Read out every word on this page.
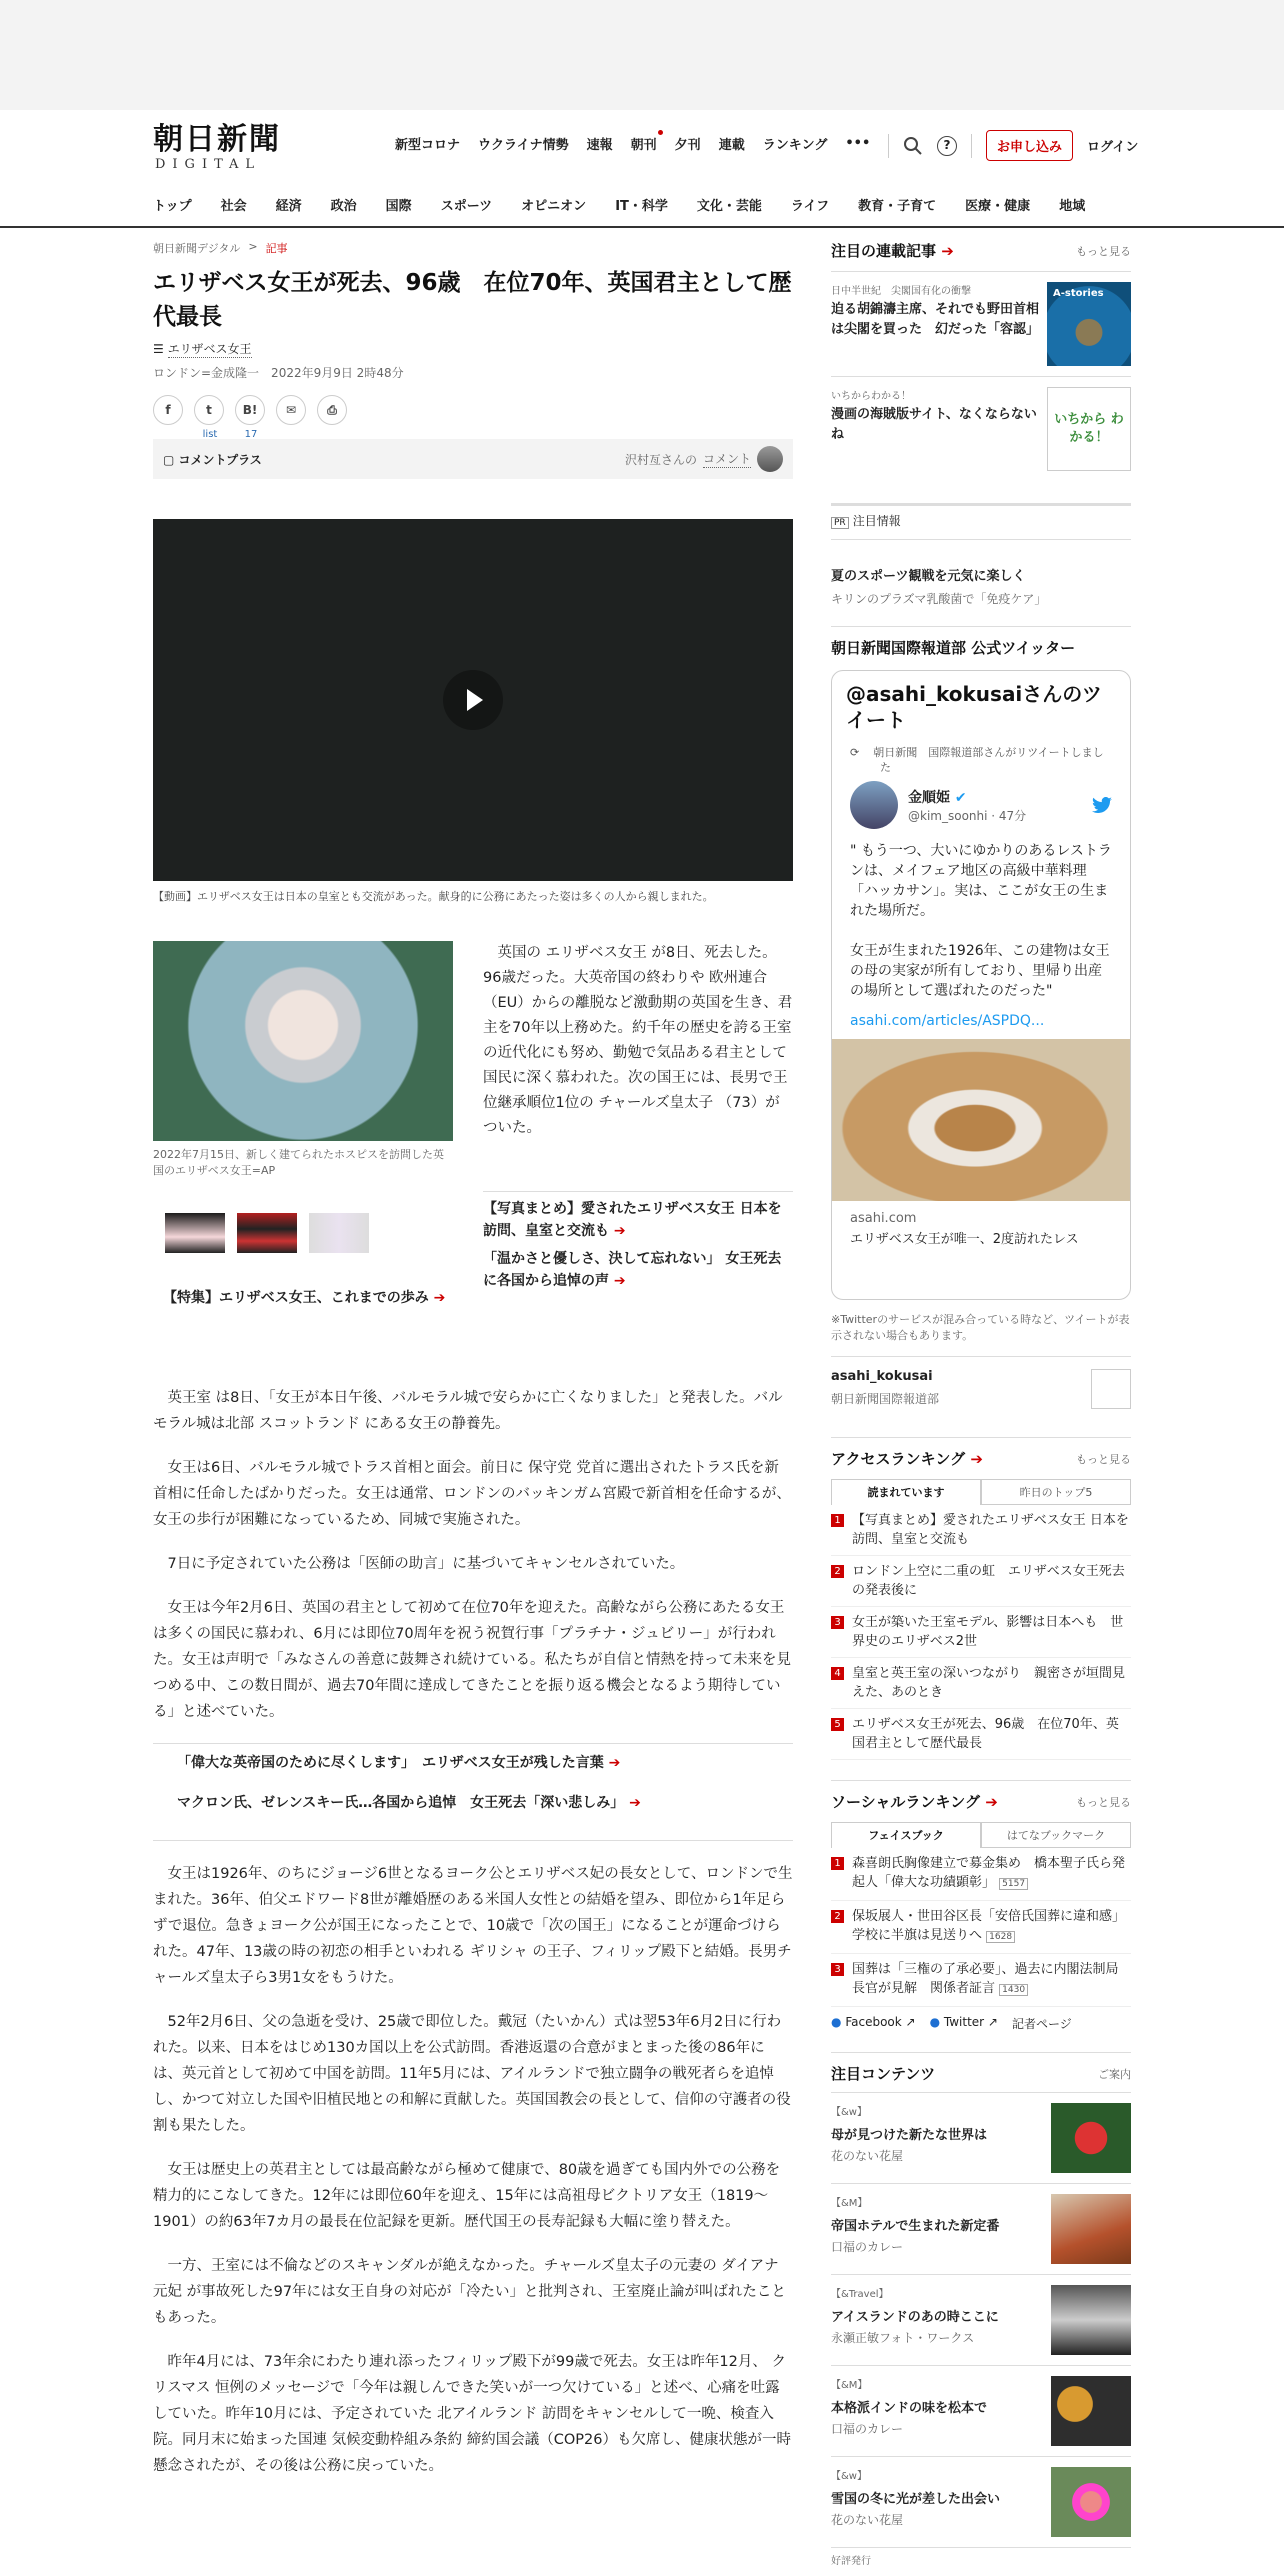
朝日新聞
DIGITAL
新型コロナ ウクライナ情勢 速報 朝刊 夕刊 連載 ランキング •••	?	お申し込み	ログイン
トップ 社会 経済 政治 国際 スポーツ オピニオン IT・科学 文化・芸能 ライフ 教育・子育て 医療・健康 地域
朝日新聞デジタル > 記事
エリザベス女王が死去、96歳　在位70年、英国君主として歴代最長
☰ エリザベス女王
ロンドン=金成隆一　2022年9月9日 2時48分
f	t
list
B!
17
✉	⎙
▢ コメントプラス	沢村亙さんの コメント
【動画】エリザベス女王は日本の皇室とも交流があった。献身的に公務にあたった姿は多くの人から親しまれた。
2022年7月15日、新しく建てられたホスピスを訪問した英国のエリザベス女王=AP
英国の エリザベス女王 が8日、死去した。96歳だった。大英帝国の終わりや 欧州連合 （EU）からの離脱など激動期の英国を生き、君主を70年以上務めた。約千年の歴史を誇る王室の近代化にも努め、勤勉で気品ある君主として国民に深く慕われた。次の国王には、長男で王位継承順位1位の チャールズ皇太子 （73）がついた。

【写真まとめ】愛されたエリザベス女王 日本を訪問、皇室と交流も ➔

「温かさと優しさ、決して忘れない」 女王死去に各国から追悼の声 ➔

【特集】エリザベス女王、これまでの歩み ➔

英王室 は8日、「女王が本日午後、バルモラル城で安らかに亡くなりました」と発表した。バルモラル城は北部 スコットランド にある女王の静養先。

女王は6日、バルモラル城でトラス首相と面会。前日に 保守党 党首に選出されたトラス氏を新首相に任命したばかりだった。女王は通常、ロンドンのバッキンガム宮殿で新首相を任命するが、女王の歩行が困難になっているため、同城で実施された。

7日に予定されていた公務は「医師の助言」に基づいてキャンセルされていた。

女王は今年2月6日、英国の君主として初めて在位70年を迎えた。高齢ながら公務にあたる女王は多くの国民に慕われ、6月には即位70周年を祝う祝賀行事「プラチナ・ジュビリー」が行われた。女王は声明で「みなさんの善意に鼓舞され続けている。私たちが自信と情熱を持って未来を見つめる中、この数日間が、過去70年間に達成してきたことを振り返る機会となるよう期待している」と述べていた。

「偉大な英帝国のために尽くします」　エリザベス女王が残した言葉 ➔

マクロン氏、ゼレンスキー氏…各国から追悼　女王死去「深い悲しみ」 ➔

女王は1926年、のちにジョージ6世となるヨーク公とエリザベス妃の長女として、ロンドンで生まれた。36年、伯父エドワード8世が離婚歴のある米国人女性との結婚を望み、即位から1年足らずで退位。急きょヨーク公が国王になったことで、10歳で「次の国王」になることが運命づけられた。47年、13歳の時の初恋の相手といわれる ギリシャ の王子、フィリップ殿下と結婚。長男チャールズ皇太子ら3男1女をもうけた。

52年2月6日、父の急逝を受け、25歳で即位した。戴冠（たいかん）式は翌53年6月2日に行われた。以来、日本をはじめ130カ国以上を公式訪問。香港返還の合意がまとまった後の86年には、英元首として初めて中国を訪問。11年5月には、アイルランドで独立闘争の戦死者らを追悼し、かつて対立した国や旧植民地との和解に貢献した。英国国教会の長として、信仰の守護者の役割も果たした。

女王は歴史上の英君主としては最高齢ながら極めて健康で、80歳を過ぎても国内外での公務を精力的にこなしてきた。12年には即位60年を迎え、15年には高祖母ビクトリア女王（1819～1901）の約63年7カ月の最長在位記録を更新。歴代国王の長寿記録も大幅に塗り替えた。

一方、王室には不倫などのスキャンダルが絶えなかった。チャールズ皇太子の元妻の ダイアナ元妃 が事故死した97年には女王自身の対応が「冷たい」と批判され、王室廃止論が叫ばれたこともあった。

昨年4月には、73年余にわたり連れ添ったフィリップ殿下が99歳で死去。女王は昨年12月、 クリスマス 恒例のメッセージで「今年は親しんできた笑いが一つ欠けている」と述べ、心痛を吐露していた。昨年10月には、予定されていた 北アイルランド 訪問をキャンセルして一晩、検査入院。同月末に始まった国連 気候変動枠組み条約 締約国会議（COP26）も欠席し、健康状態が一時懸念されたが、その後は公務に戻っていた。

注目の連載記事 ➔	もっと見る
日中半世紀　尖閣国有化の衝撃
迫る胡錦濤主席、それでも野田首相は尖閣を買った　幻だった「容認」
A-stories
いちからわかる！
漫画の海賊版サイト、なくならないね
いちから わかる！
PR 注目情報
夏のスポーツ観戦を元気に楽しく
キリンのプラズマ乳酸菌で「免疫ケア」
朝日新聞国際報道部 公式ツイッター
@asahi_kokusaiさんのツイート
⟳ 朝日新聞　国際報道部さんがリツイートしました
金順姫 ✔
@kim_soonhi · 47分
" もう一つ、大いにゆかりのあるレストランは、メイフェア地区の高級中華料理「ハッカサン」。実は、ここが女王の生まれた場所だ。

女王が生まれた1926年、この建物は女王の母の実家が所有しており、里帰り出産の場所として選ばれたのだった"
asahi.com/articles/ASPDQ...
asahi.com
エリザベス女王が唯一、2度訪れたレス
※Twitterのサービスが混み合っている時など、ツイートが表示されない場合もあります。
asahi_kokusai
朝日新聞国際報道部
アクセスランキング ➔	もっと見る
読まれています	昨日のトップ5
1 【写真まとめ】愛されたエリザベス女王 日本を訪問、皇室と交流も
2 ロンドン上空に二重の虹　エリザベス女王死去の発表後に
3 女王が築いた王室モデル、影響は日本へも　世界史のエリザベス2世
4 皇室と英王室の深いつながり　親密さが垣間見えた、あのとき
5 エリザベス女王が死去、96歳　在位70年、英国君主として歴代最長
ソーシャルランキング ➔	もっと見る
フェイスブック	はてなブックマーク
1 森喜朗氏胸像建立で募金集め　橋本聖子氏ら発起人「偉大な功績顕彰」 5157
2 保坂展人・世田谷区長「安倍氏国葬に違和感」　学校に半旗は見送りへ 1628
3 国葬は「三権の了承必要」、過去に内閣法制局長官が見解　関係者証言 1430
● Facebook ↗ ● Twitter ↗ 記者ページ
注目コンテンツ	ご案内
【&w】
母が見つけた新たな世界は
花のない花屋
【&M】
帝国ホテルで生まれた新定番
口福のカレー
【&Travel】
アイスランドのあの時ここに
永瀬正敏フォト・ワークス
【&M】
本格派インドの味を松本で
口福のカレー
【&w】
雪国の冬に光が差した出会い
花のない花屋
好評発行
